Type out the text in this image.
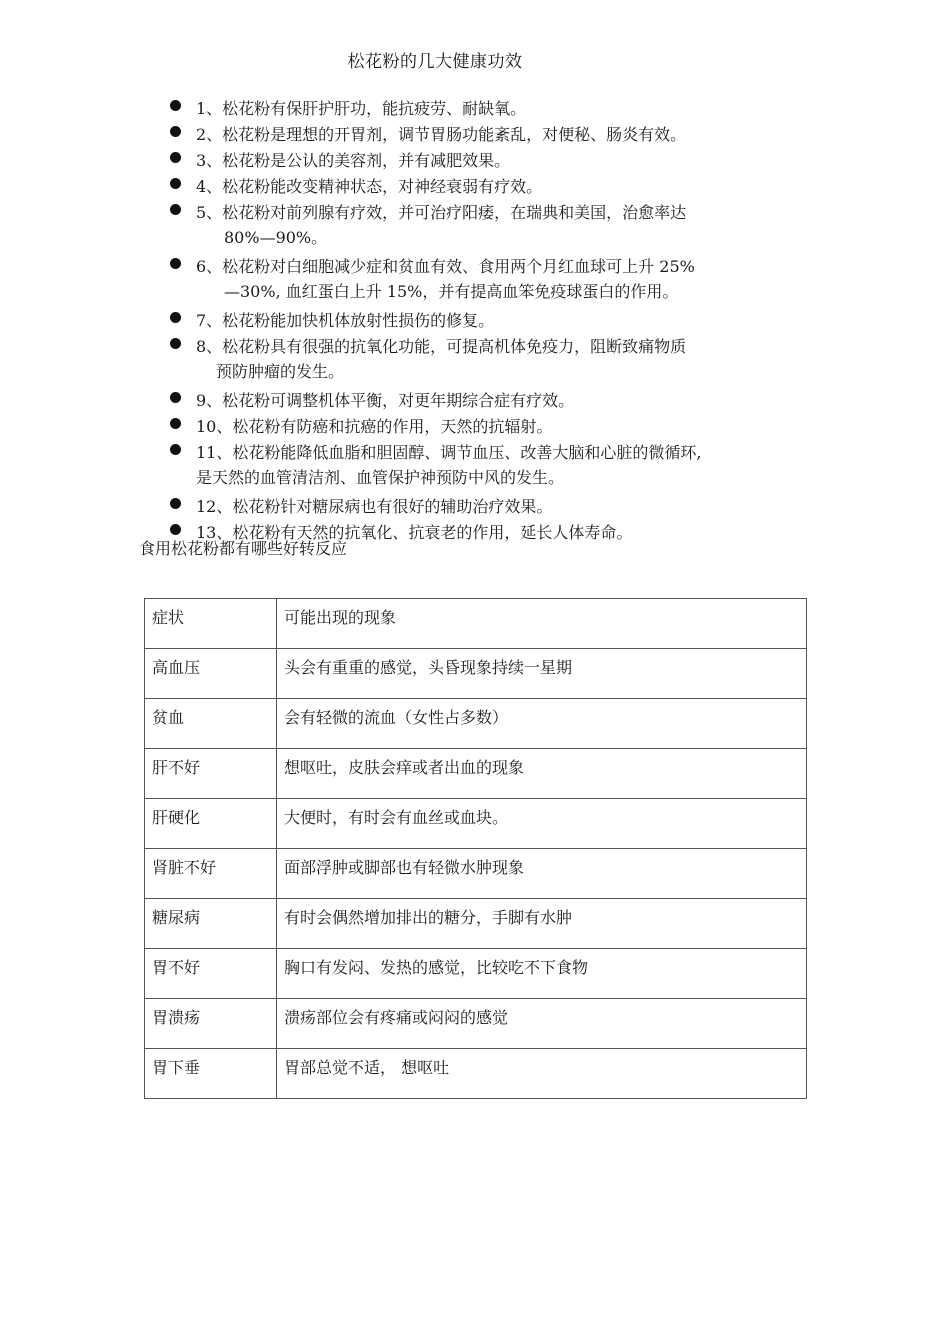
松花粉的几大健康功效
1、松花粉有保肝护肝功，能抗疲劳、耐缺氧。
2、松花粉是理想的开胃剂，调节胃肠功能紊乱，对便秘、肠炎有效。
3、松花粉是公认的美容剂，并有减肥效果。
4、松花粉能改变精神状态，对神经衰弱有疗效。
5、松花粉对前列腺有疗效，并可治疗阳痿，在瑞典和美国，治愈率达
80%—90%。
6、松花粉对白细胞减少症和贫血有效、食用两个月红血球可上升 25%
—30%, 血红蛋白上升 15%，并有提高血笨免疫球蛋白的作用。
7、松花粉能加快机体放射性损伤的修复。
8、松花粉具有很强的抗氧化功能，可提高机体免疫力，阻断致痛物质
预防肿瘤的发生。
9、松花粉可调整机体平衡，对更年期综合症有疗效。
10、松花粉有防癌和抗癌的作用，天然的抗辐射。
11、松花粉能降低血脂和胆固醇、调节血压、改善大脑和心脏的微循环,
是天然的血管清洁剂、血管保护神预防中风的发生。
12、松花粉针对糖尿病也有很好的辅助治疗效果。
13、松花粉有天然的抗氧化、抗衰老的作用，延长人体寿命。
食用松花粉都有哪些好转反应
症状	可能出现的现象
高血压	头会有重重的感觉，头昏现象持续一星期
贫血	会有轻微的流血（女性占多数）
肝不好	想呕吐，皮肤会痒或者出血的现象
肝硬化	大便时，有时会有血丝或血块。
肾脏不好	面部浮肿或脚部也有轻微水肿现象
糖尿病	有时会偶然增加排出的糖分，手脚有水肿
胃不好	胸口有发闷、发热的感觉，比较吃不下食物
胃溃疡	溃疡部位会有疼痛或闷闷的感觉
胃下垂	胃部总觉不适， 想呕吐
